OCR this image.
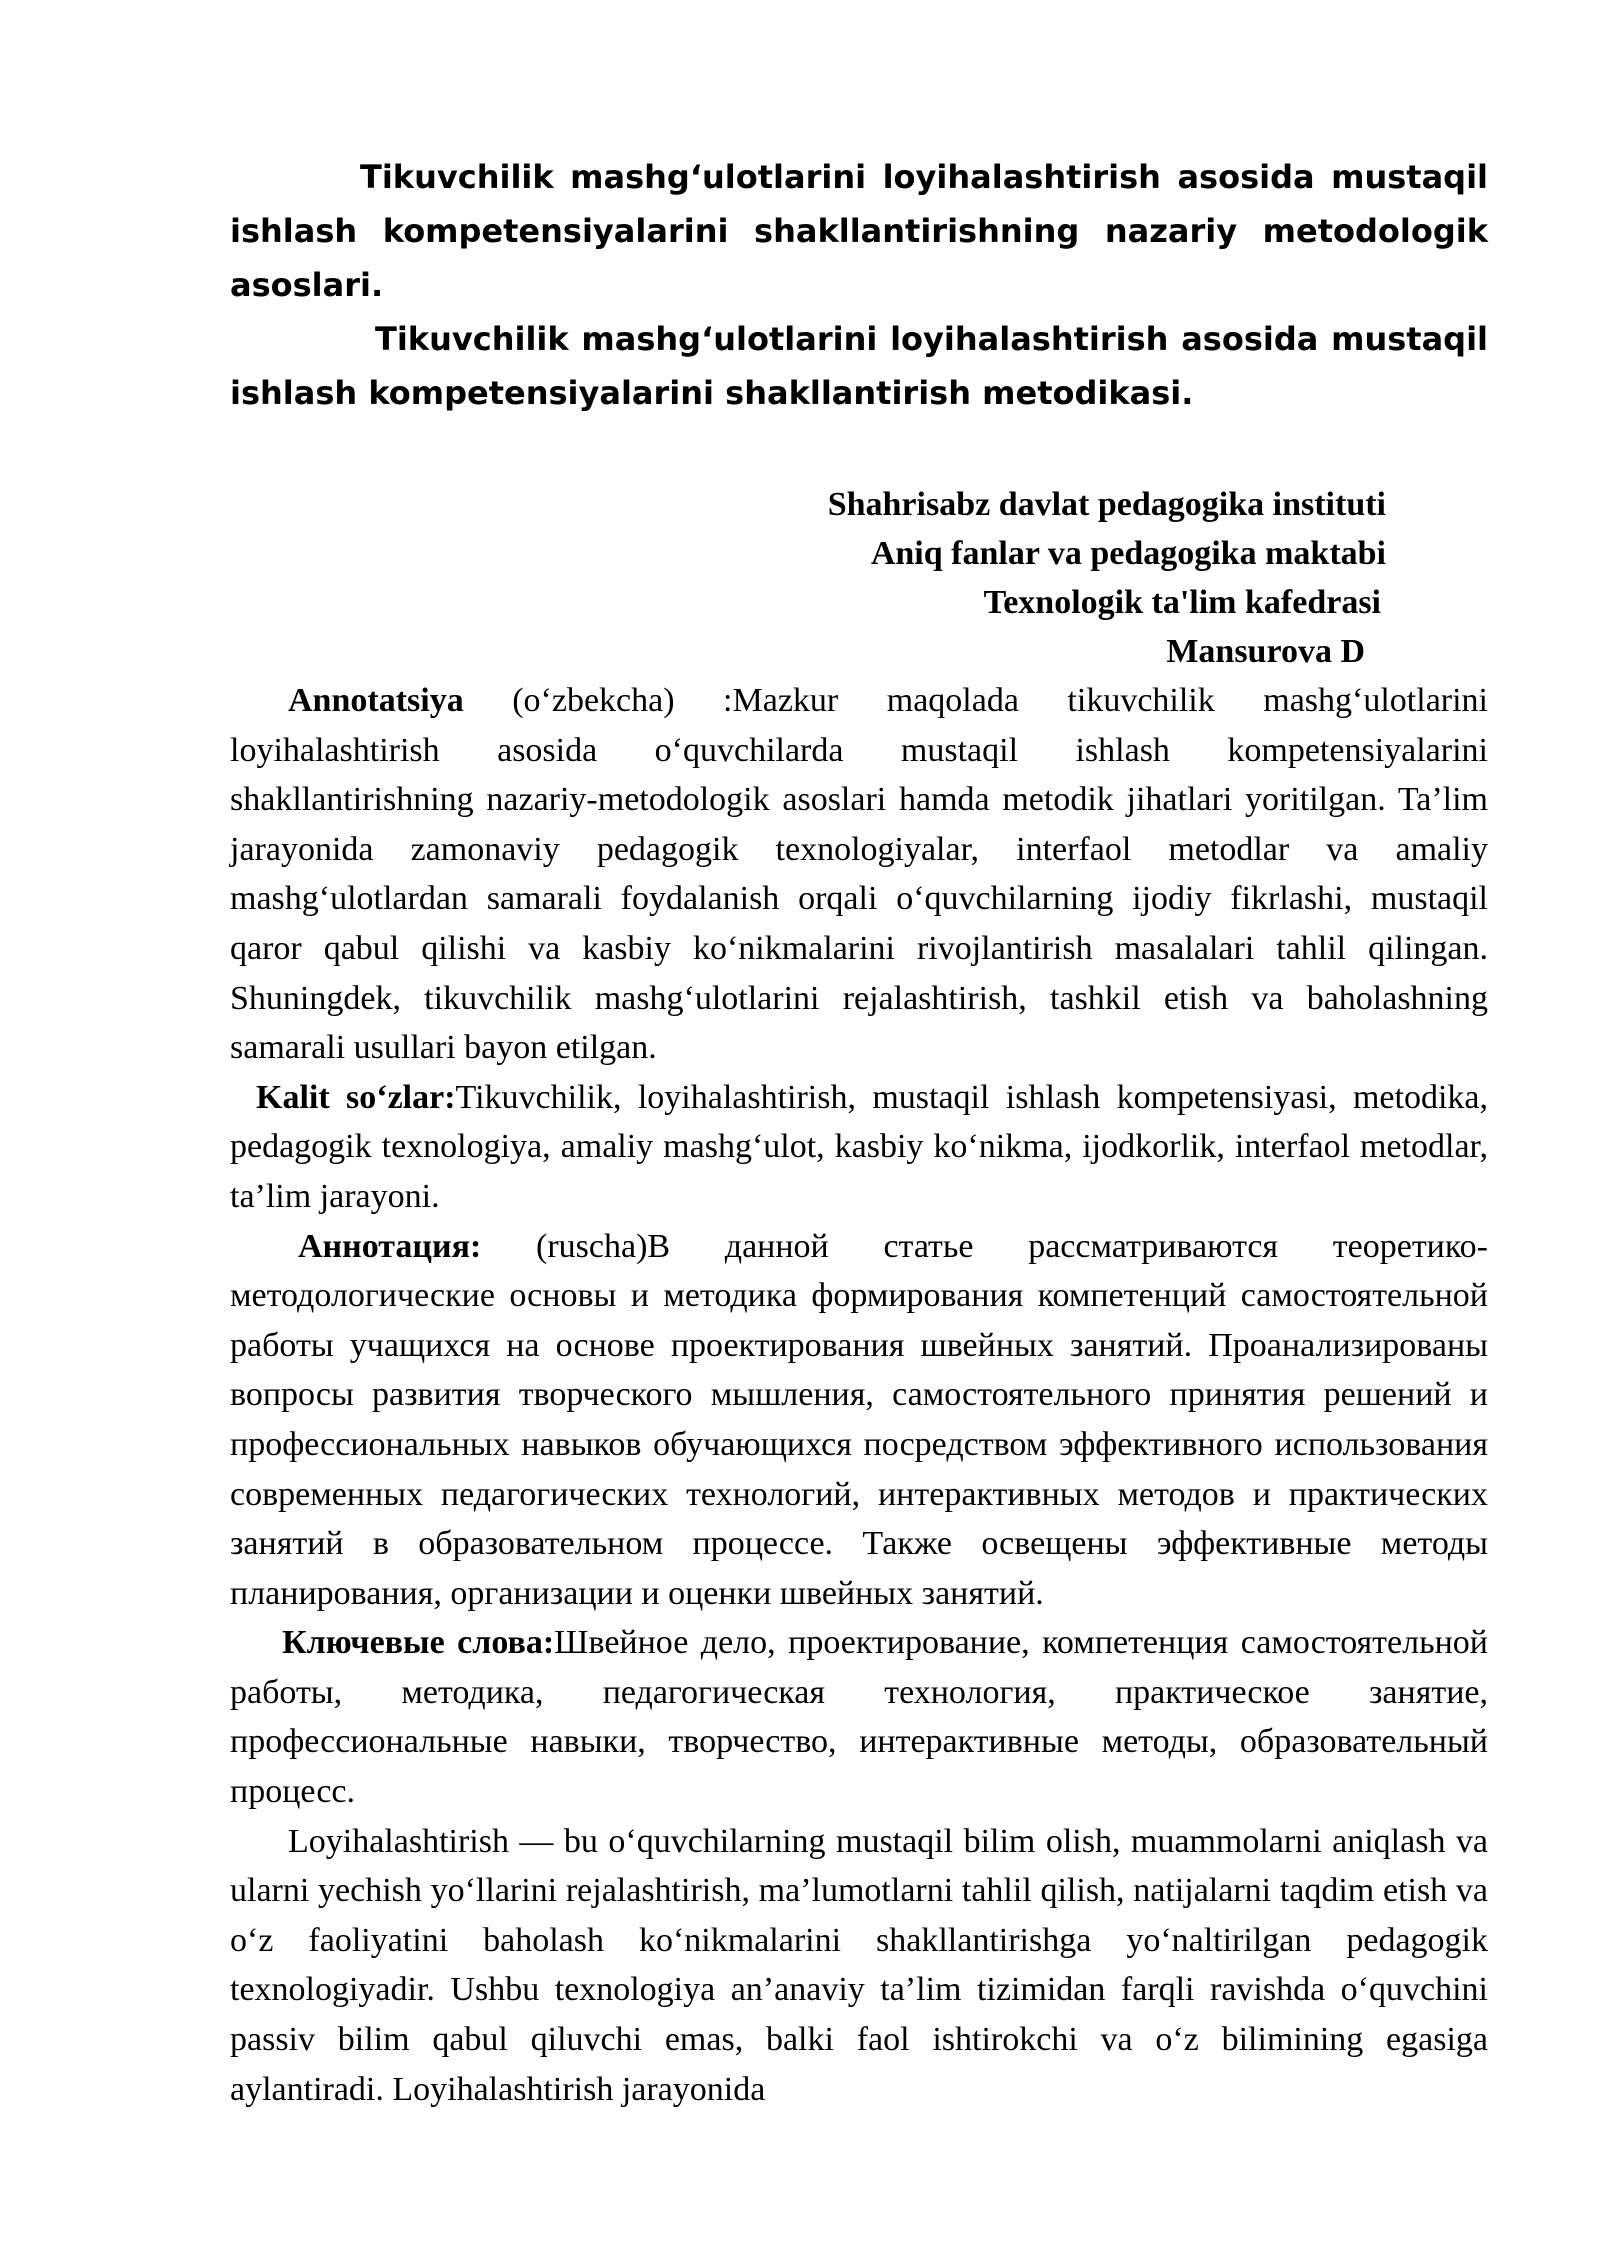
Tikuvchilik mashgʻulotlarini loyihalashtirish asosida mustaqil ishlash kompetensiyalarini shakllantirishning nazariy metodologik asoslari.

Tikuvchilik mashgʻulotlarini loyihalashtirish asosida mustaqil ishlash kompetensiyalarini shakllantirish metodikasi.

Shahrisabz davlat pedagogika instituti
Aniq fanlar va pedagogika maktabi
Texnologik ta'lim kafedrasi
Mansurova D

Annotatsiya (oʻzbekcha) :Mazkur maqolada tikuvchilik mashgʻulotlarini loyihalashtirish asosida oʻquvchilarda mustaqil ishlash kompetensiyalarini shakllantirishning nazariy-metodologik asoslari hamda metodik jihatlari yoritilgan. Ta’lim jarayonida zamonaviy pedagogik texnologiyalar, interfaol metodlar va amaliy mashgʻulotlardan samarali foydalanish orqali oʻquvchilarning ijodiy fikrlashi, mustaqil qaror qabul qilishi va kasbiy koʻnikmalarini rivojlantirish masalalari tahlil qilingan. Shuningdek, tikuvchilik mashgʻulotlarini rejalashtirish, tashkil etish va baholashning samarali usullari bayon etilgan.

Kalit soʻzlar:Tikuvchilik, loyihalashtirish, mustaqil ishlash kompetensiyasi, metodika, pedagogik texnologiya, amaliy mashgʻulot, kasbiy koʻnikma, ijodkorlik, interfaol metodlar, ta’lim jarayoni.

Аннотация: (ruscha)В данной статье рассматриваются теоретико-методологические основы и методика формирования компетенций самостоятельной работы учащихся на основе проектирования швейных занятий. Проанализированы вопросы развития творческого мышления, самостоятельного принятия решений и профессиональных навыков обучающихся посредством эффективного использования современных педагогических технологий, интерактивных методов и практических занятий в образовательном процессе. Также освещены эффективные методы планирования, организации и оценки швейных занятий.

Ключевые слова:Швейное дело, проектирование, компетенция самостоятельной работы, методика, педагогическая технология, практическое занятие, профессиональные навыки, творчество, интерактивные методы, образовательный процесс.

Loyihalashtirish — bu oʻquvchilarning mustaqil bilim olish, muammolarni aniqlash va ularni yechish yoʻllarini rejalashtirish, ma’lumotlarni tahlil qilish, natijalarni taqdim etish va oʻz faoliyatini baholash koʻnikmalarini shakllantirishga yoʻnaltirilgan pedagogik texnologiyadir. Ushbu texnologiya an’anaviy ta’lim tizimidan farqli ravishda oʻquvchini passiv bilim qabul qiluvchi emas, balki faol ishtirokchi va oʻz bilimining egasiga aylantiradi. Loyihalashtirish jarayonida
